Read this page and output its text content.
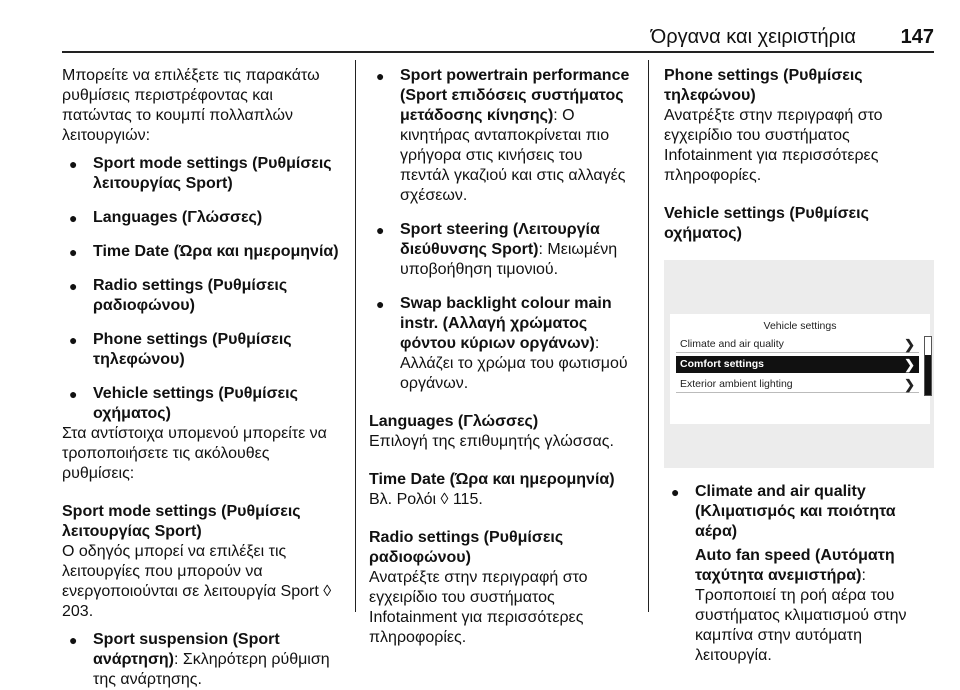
Όργανα και χειριστήρια 147

Μπορείτε να επιλέξετε τις παρακάτω ρυθμίσεις περιστρέφοντας και πατώντας το κουμπί πολλαπλών λειτουργιών:

● Sport mode settings (Ρυθμίσεις λειτουργίας Sport)

● Languages (Γλώσσες)

● Time Date (Ώρα και ημερομηνία)

● Radio settings (Ρυθμίσεις ραδιοφώνου)

● Phone settings (Ρυθμίσεις τηλεφώνου)

● Vehicle settings (Ρυθμίσεις οχήματος)

Στα αντίστοιχα υπομενού μπορείτε να τροποποιήσετε τις ακόλουθες ρυθμίσεις:

Sport mode settings (Ρυθμίσεις λειτουργίας Sport)

Ο οδηγός μπορεί να επιλέξει τις λειτουργίες που μπορούν να ενεργοποιούνται σε λειτουργία Sport ◊ 203.

● Sport suspension (Sport ανάρτηση): Σκληρότερη ρύθμιση της ανάρτησης.

● Sport powertrain performance (Sport επιδόσεις συστήματος μετάδοσης κίνησης): Ο κινητήρας ανταποκρίνεται πιο γρήγορα στις κινήσεις του πεντάλ γκαζιού και στις αλλαγές σχέσεων.

● Sport steering (Λειτουργία διεύθυνσης Sport): Μειωμένη υποβοήθηση τιμονιού.

● Swap backlight colour main instr. (Αλλαγή χρώματος φόντου κύριων οργάνων): Αλλάζει το χρώμα του φωτισμού οργάνων.

Languages (Γλώσσες)

Επιλογή της επιθυμητής γλώσσας.

Time Date (Ώρα και ημερομηνία)

Βλ. Ρολόι ◊ 115.

Radio settings (Ρυθμίσεις ραδιοφώνου)

Ανατρέξτε στην περιγραφή στο εγχειρίδιο του συστήματος Infotainment για περισσότερες πληροφορίες.

Phone settings (Ρυθμίσεις τηλεφώνου)

Ανατρέξτε στην περιγραφή στο εγχειρίδιο του συστήματος Infotainment για περισσότερες πληροφορίες.

Vehicle settings (Ρυθμίσεις οχήματος)

Vehicle settings
Climate and air quality	❯
Comfort settings	❯
Exterior ambient lighting	❯

● Climate and air quality (Κλιματισμός και ποιότητα αέρα)

Auto fan speed (Αυτόματη ταχύτητα ανεμιστήρα): Τροποποιεί τη ροή αέρα του συστήματος κλιματισμού στην καμπίνα στην αυτόματη λειτουργία.
